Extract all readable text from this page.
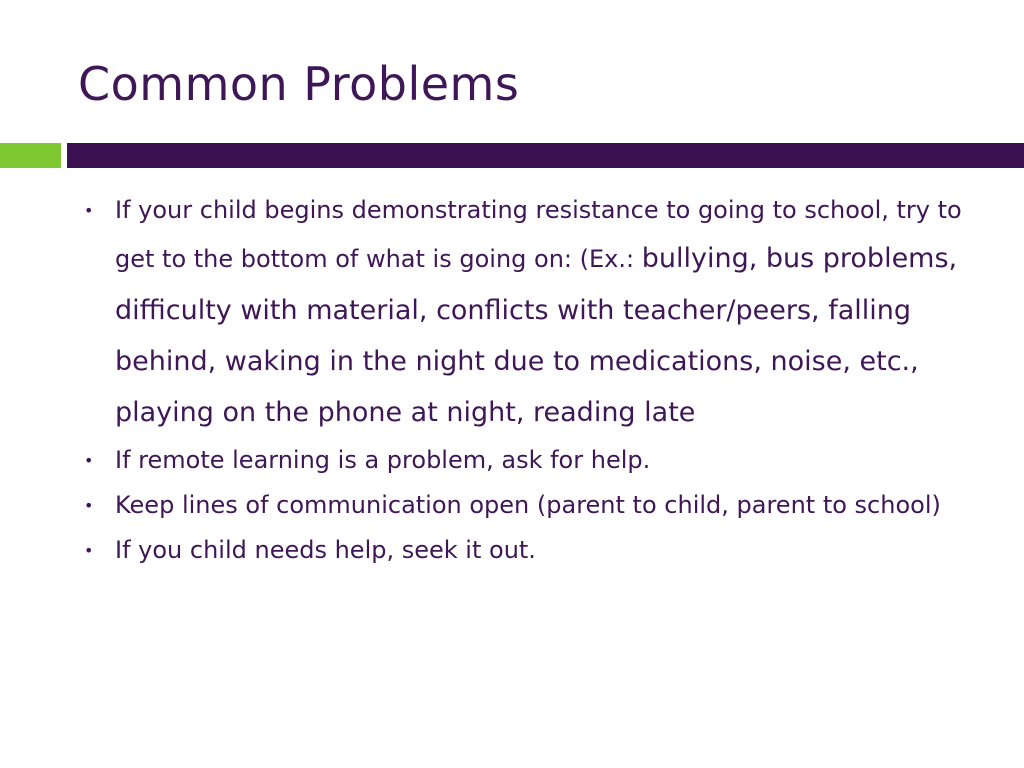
Common Problems
• If your child begins demonstrating resistance to going to school, try to get to the bottom of what is going on: (Ex.: bullying, bus problems, difficulty with material, conflicts with teacher/peers, falling behind, waking in the night due to medications, noise, etc., playing on the phone at night, reading late
• If remote learning is a problem, ask for help.
• Keep lines of communication open (parent to child, parent to school)
• If you child needs help, seek it out.
